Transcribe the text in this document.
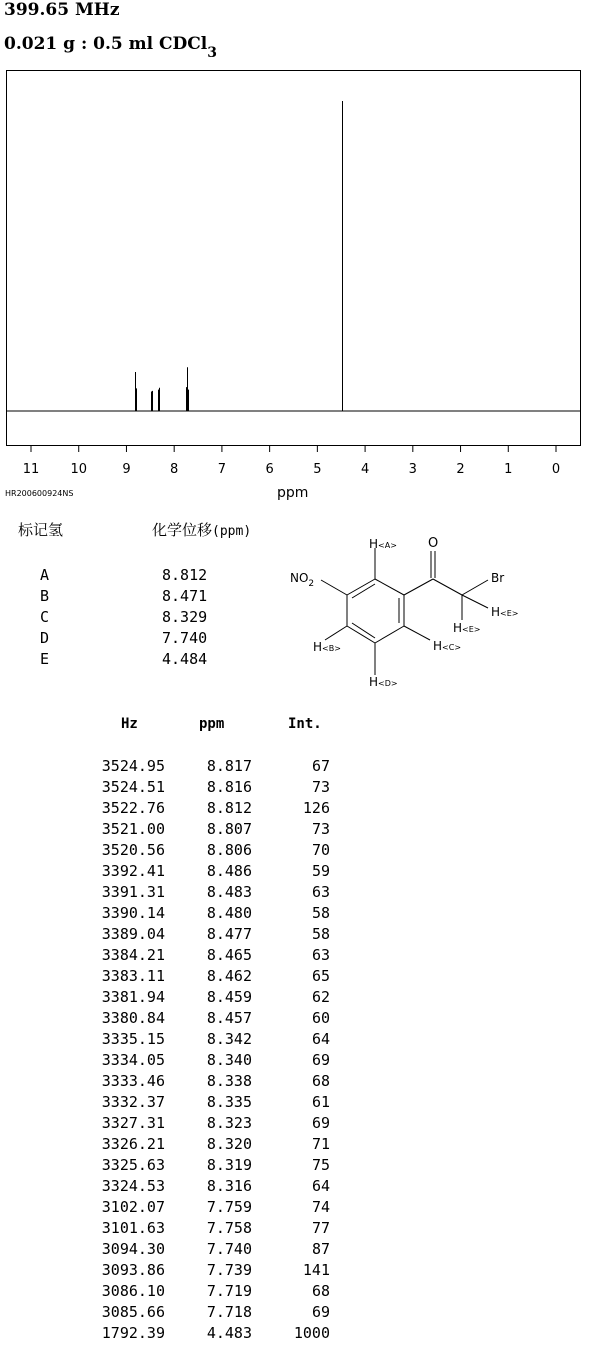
399.65 MHz
0.021 g : 0.5 ml CDCl$_3$
11 10	9	8	7	6	5	4	3	2	1	0
HR200600924NS	ppm
标记氢	化学位移(ppm)
A	8.812
B	8.471
C	8.329
D	7.740
E	4.484
H<A> O
Br
$NO_2$
H<E>
H<E>
H<B>	H<C>
H<D>
Hz	ppm	Int.
3524.95	8.817	67
3524.51	8.816	73
3522.76	8.812	126
3521.00	8.807	73
3520.56	8.806	70
3392.41	8.486	59
3391.31	8.483	63
3390.14	8.480	58
3389.04	8.477	58
3384.21	8.465	63
3383.11	8.462	65
3381.94	8.459	62
3380.84	8.457	60
3335.15	8.342	64
3334.05	8.340	69
3333.46	8.338	68
3332.37	8.335	61
3327.31	8.323	69
3326.21	8.320	71
3325.63	8.319	75
3324.53	8.316	64
3102.07	7.759	74
3101.63	7.758	77
3094.30	7.740	87
3093.86	7.739	141
3086.10	7.719	68
3085.66	7.718	69
1792.39	4.483	1000
